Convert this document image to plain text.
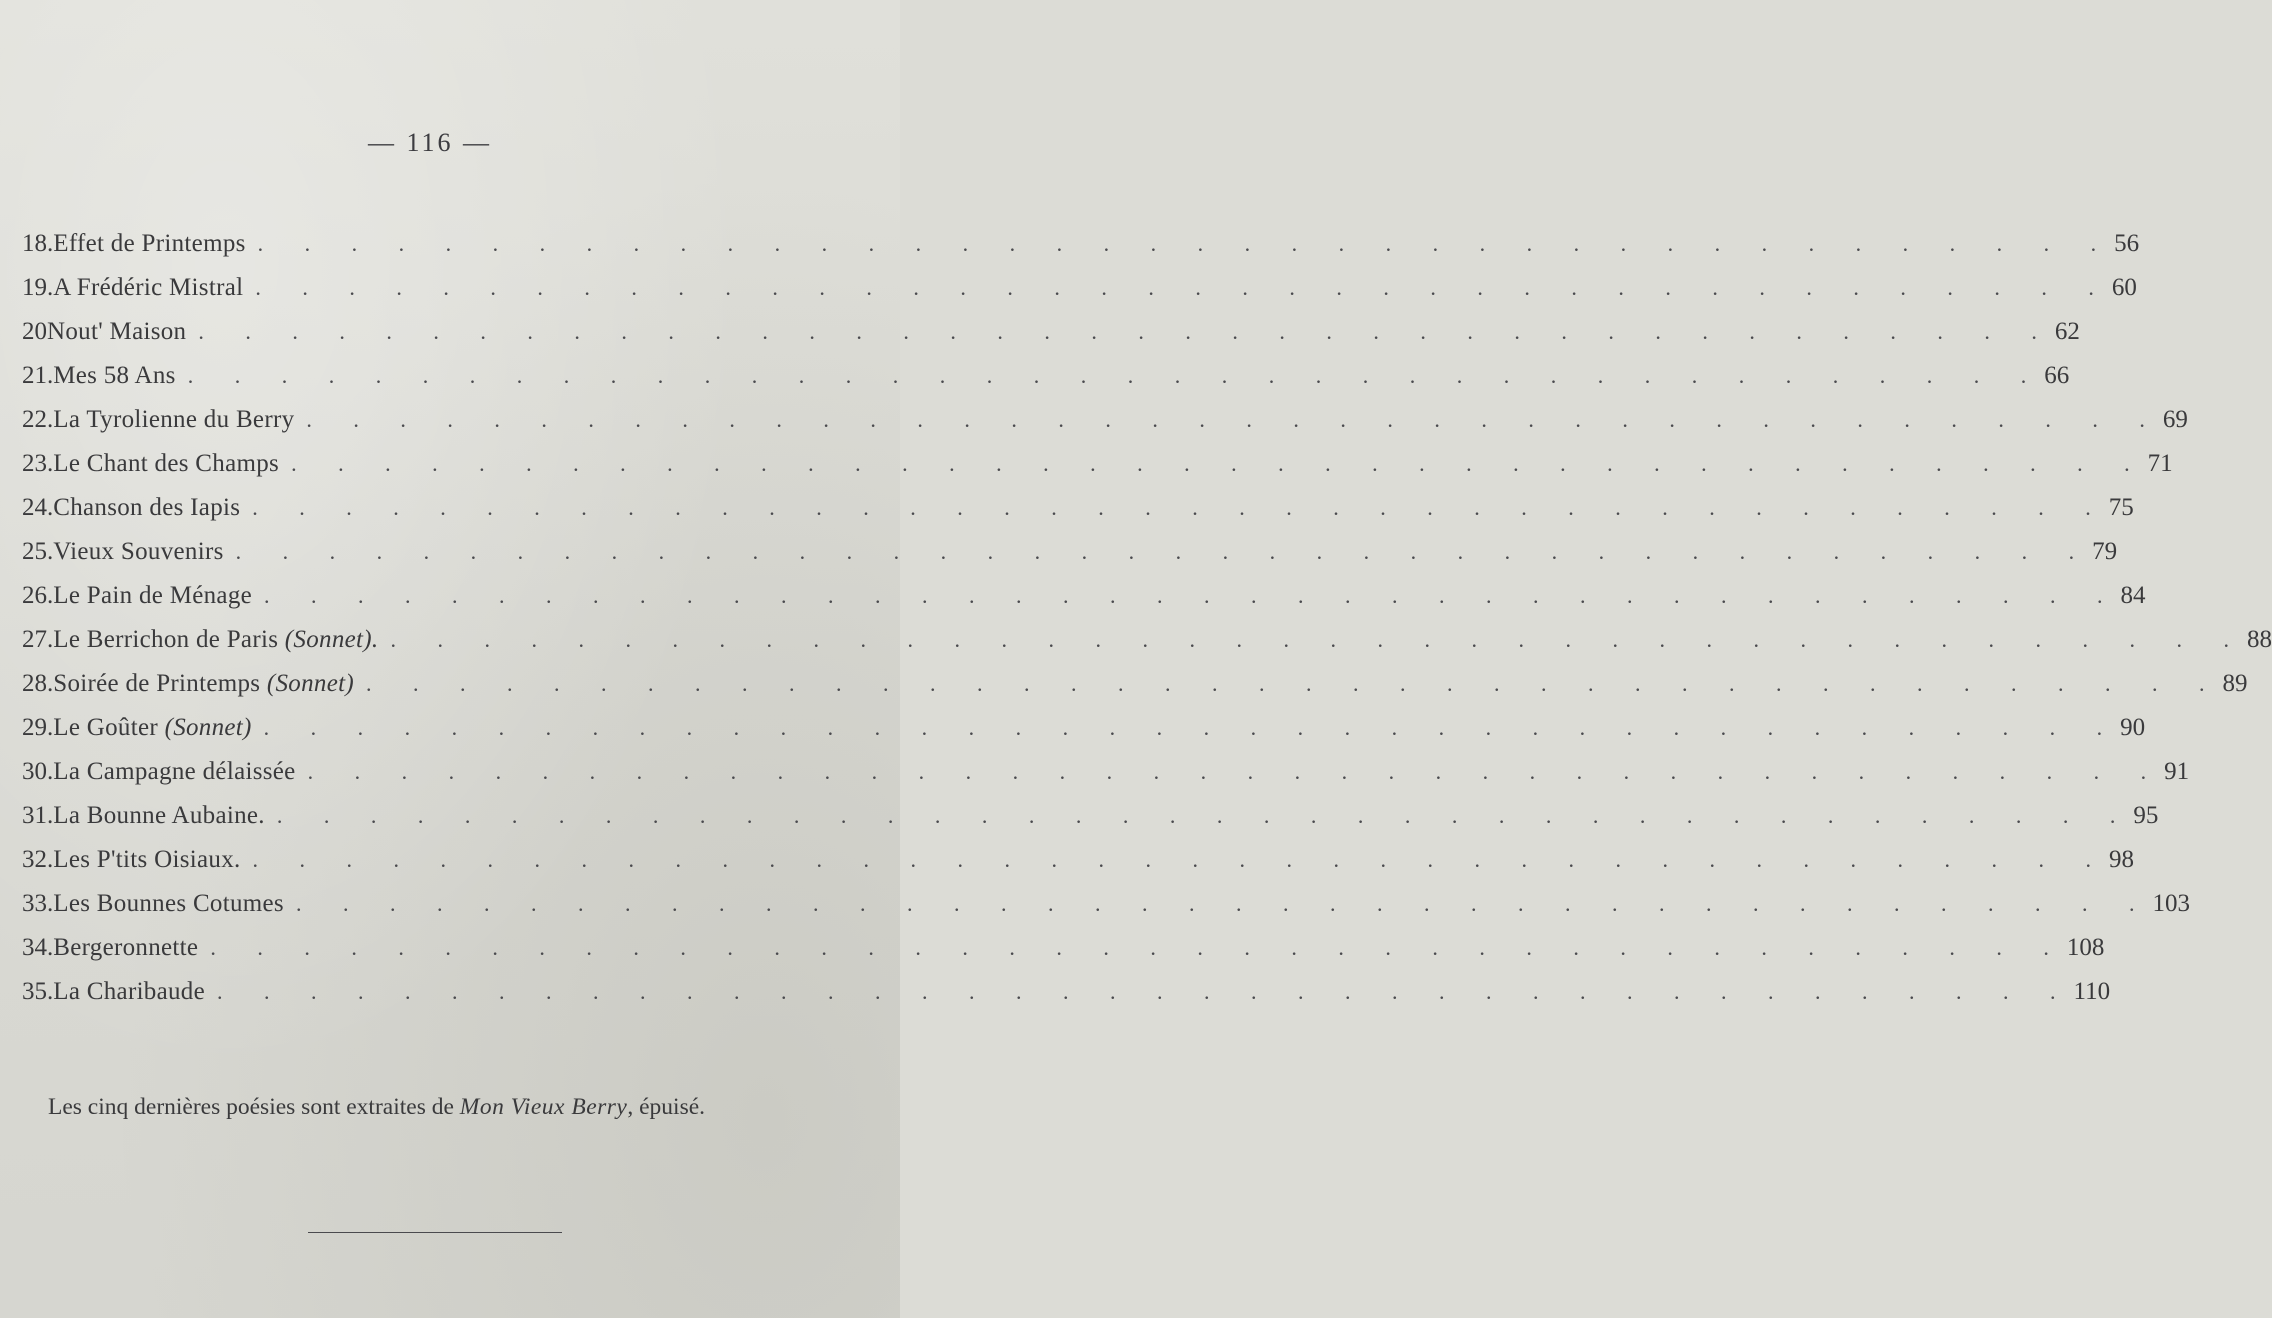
— 116 —
18. Effet de Printemps . . . . . . . . . . . . . . . . . . . . . . . . . . . . . . . . . . . . . . . . 56
19. A Frédéric Mistral . . . . . . . . . . . . . . . . . . . . . . . . . . . . . . . . . . . . . . . . 60
20 Nout' Maison . . . . . . . . . . . . . . . . . . . . . . . . . . . . . . . . . . . . . . . . 62
21. Mes 58 Ans . . . . . . . . . . . . . . . . . . . . . . . . . . . . . . . . . . . . . . . . 66
22. La Tyrolienne du Berry . . . . . . . . . . . . . . . . . . . . . . . . . . . . . . . . . . . . . . . . 69
23. Le Chant des Champs . . . . . . . . . . . . . . . . . . . . . . . . . . . . . . . . . . . . . . . . 71
24. Chanson des Iapis . . . . . . . . . . . . . . . . . . . . . . . . . . . . . . . . . . . . . . . . 75
25. Vieux Souvenirs . . . . . . . . . . . . . . . . . . . . . . . . . . . . . . . . . . . . . . . . 79
26. Le Pain de Ménage . . . . . . . . . . . . . . . . . . . . . . . . . . . . . . . . . . . . . . . . 84
27. Le Berrichon de Paris (Sonnet). . . . . . . . . . . . . . . . . . . . . . . . . . . . . . . . . . . . . . . . . 88
28. Soirée de Printemps (Sonnet) . . . . . . . . . . . . . . . . . . . . . . . . . . . . . . . . . . . . . . . . 89
29. Le Goûter (Sonnet) . . . . . . . . . . . . . . . . . . . . . . . . . . . . . . . . . . . . . . . . 90
30. La Campagne délaissée . . . . . . . . . . . . . . . . . . . . . . . . . . . . . . . . . . . . . . . . 91
31. La Bounne Aubaine. . . . . . . . . . . . . . . . . . . . . . . . . . . . . . . . . . . . . . . . . 95
32. Les P'tits Oisiaux. . . . . . . . . . . . . . . . . . . . . . . . . . . . . . . . . . . . . . . . . 98
33. Les Bounnes Cotumes . . . . . . . . . . . . . . . . . . . . . . . . . . . . . . . . . . . . . . . . 103
34. Bergeronnette . . . . . . . . . . . . . . . . . . . . . . . . . . . . . . . . . . . . . . . . 108
35. La Charibaude . . . . . . . . . . . . . . . . . . . . . . . . . . . . . . . . . . . . . . . . 110

Les cinq dernières poésies sont extraites de Mon Vieux Berry, épuisé.
